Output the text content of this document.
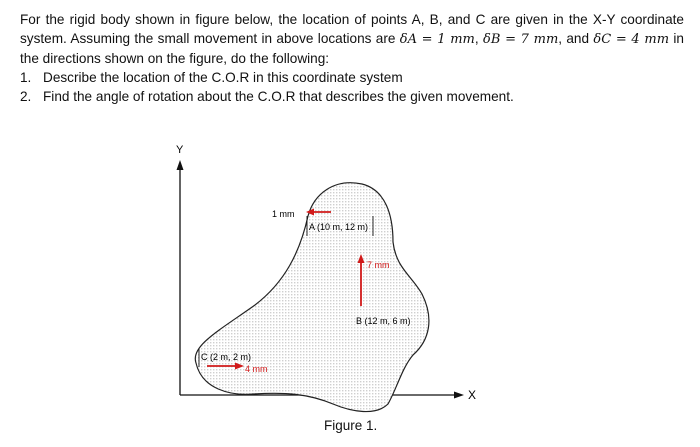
For the rigid body shown in figure below, the location of points A, B, and C are given in the X-Y coordinate system. Assuming the small movement in above locations are δA = 1 mm, δB = 7 mm, and δC = 4 mm in the directions shown on the figure, do the following:
1. Describe the location of the C.O.R in this coordinate system
2. Find the angle of rotation about the C.O.R that describes the given movement.
Y
X
1 mm
A (10 m, 12 m)
7 mm
B (12 m, 6 m)
C (2 m, 2 m)
4 mm
Figure 1.
